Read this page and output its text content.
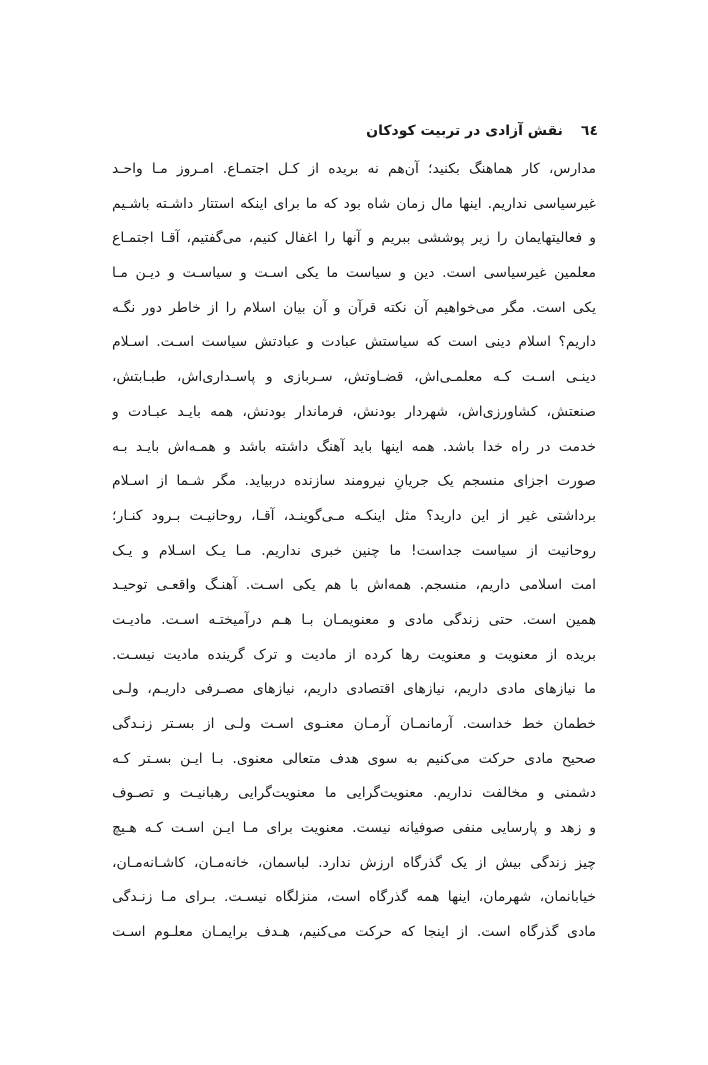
٦٤
نقش آزادی در تربیت کودکان
مدارس، کار هماهنگ بکنید؛ آن‌هم نه بریده از کـل اجتمـاع. امـروز مـا واحـد
غیرسیاسی نداریم. اینها مال زمان شاه بود که ما برای اینکه استتار داشـته باشـیم
و فعالیتهایمان را زیر پوششی ببریم و آنها را اغفال کنیم، می‌گفتیم، آقـا اجتمـاع
معلمین غیرسیاسی است. دین و سیاست ما یکی اسـت و سیاسـت و دیـن مـا
یکی است. مگر می‌خواهیم آن نکته قرآن و آن بیان اسلام را از خاطر دور نگـه
داریم؟ اسلام دینی است که سیاستش عبادت و عبادتش سیاست اسـت. اسـلام
دینـی اسـت کـه معلمـی‌اش، قضـاوتش، سـربازی و پاسـداری‌اش، طبـابتش،
صنعتش، کشاورزی‌اش، شهردار بودنش، فرماندار بودنش، همه بایـد عبـادت و
خدمت در راه خدا باشد. همه اینها باید آهنگ داشته باشد و همـه‌اش بایـد بـه
صورت اجزای منسجم یک جریانِ نیرومند سازنده دربیاید. مگر شـما از اسـلام
برداشتی غیر از این دارید؟ مثل اینکـه مـی‌گوینـد، آقـا، روحانیـت بـرود کنـار؛
روحانیت از سیاست جداست! ما چنین خبری نداریم. مـا یـک اسـلام و یـک
امت اسلامی داریم، منسجم. همه‌اش با هم یکی اسـت. آهنـگ واقعـی توحیـد
همین است. حتی زندگی مادی و معنویمـان بـا هـم درآمیختـه اسـت. مادیـت
بریده از معنویت و معنویت رها کرده از مادیت و ترک گرینده مادیت نیسـت.
ما نیازهای مادی داریم، نیازهای اقتصادی داریم، نیازهای مصـرفی داریـم، ولـی
خطمان خط خداست. آرمانمـان آرمـان معنـوی اسـت ولـی از بسـتر زنـدگی
صحیح مادی حرکت می‌کنیم به سوی هدف متعالی معنوی. بـا ایـن بسـتر کـه
دشمنی و مخالفت نداریم. معنویت‌گرایی ما معنویت‌گرایی رهبانیـت و تصـوف
و زهد و پارسایی منفی صوفیانه نیست. معنویت برای مـا ایـن اسـت کـه هـیچ
چیز زندگی بیش از یک گذرگاه ارزش ندارد. لباسمان، خانه‌مـان، کاشـانه‌مـان،
خیابانمان، شهرمان، اینها همه گذرگاه است، منزلگاه نیسـت. بـرای مـا زنـدگی
مادی گذرگاه است. از اینجا که حرکت می‌کنیم، هـدف برایمـان معلـوم اسـت
